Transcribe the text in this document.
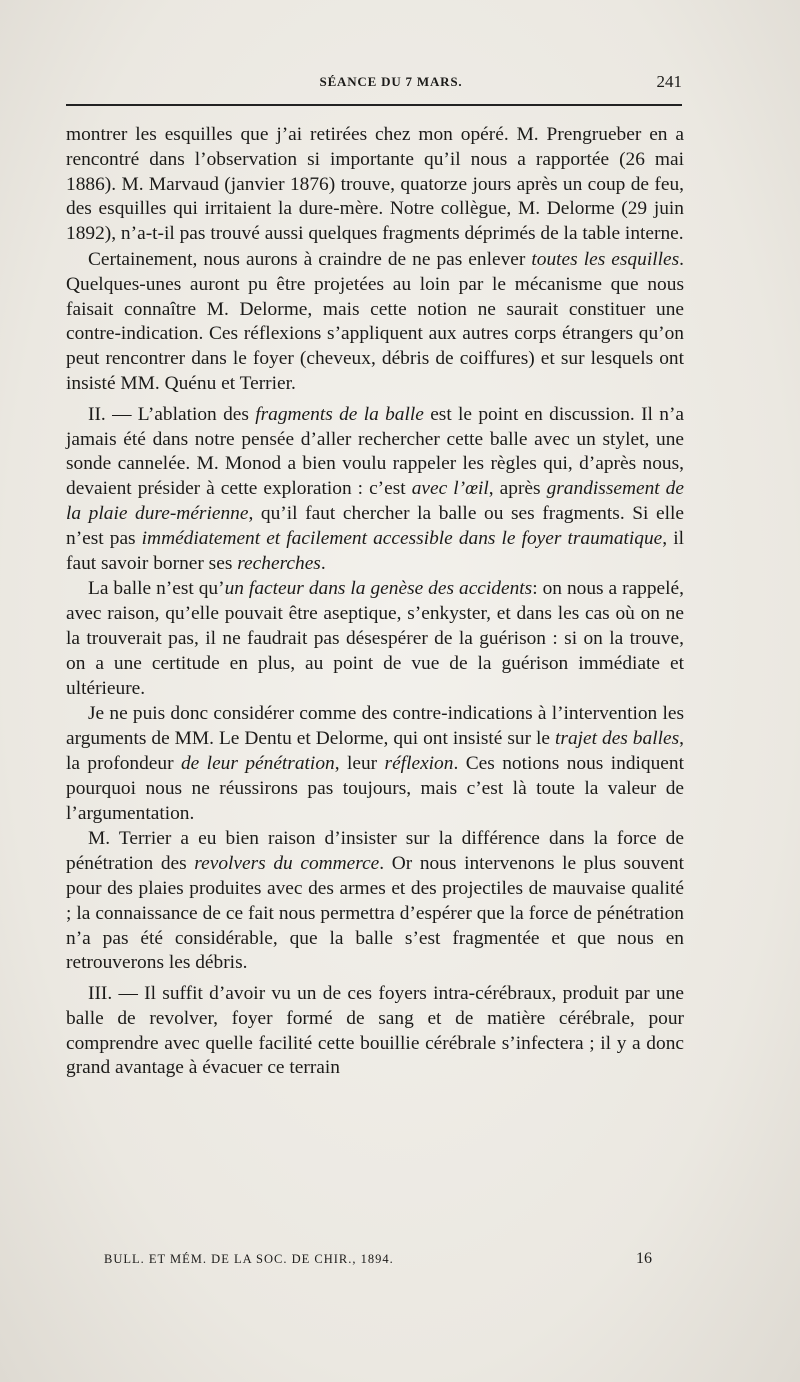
SÉANCE DU 7 MARS.	241

montrer les esquilles que j’ai retirées chez mon opéré. M. Prengrueber en a rencontré dans l’observation si importante qu’il nous a rapportée (26 mai 1886). M. Marvaud (janvier 1876) trouve, quatorze jours après un coup de feu, des esquilles qui irritaient la dure-mère. Notre collègue, M. Delorme (29 juin 1892), n’a-t-il pas trouvé aussi quelques fragments déprimés de la table interne.

Certainement, nous aurons à craindre de ne pas enlever toutes les esquilles. Quelques-unes auront pu être projetées au loin par le mécanisme que nous faisait connaître M. Delorme, mais cette notion ne saurait constituer une contre-indication. Ces réflexions s’appliquent aux autres corps étrangers qu’on peut rencontrer dans le foyer (cheveux, débris de coiffures) et sur lesquels ont insisté MM. Quénu et Terrier.

II. — L’ablation des fragments de la balle est le point en discussion. Il n’a jamais été dans notre pensée d’aller rechercher cette balle avec un stylet, une sonde cannelée. M. Monod a bien voulu rappeler les règles qui, d’après nous, devaient présider à cette exploration : c’est avec l’œil, après grandissement de la plaie dure-mérienne, qu’il faut chercher la balle ou ses fragments. Si elle n’est pas immédiatement et facilement accessible dans le foyer traumatique, il faut savoir borner ses recherches.

La balle n’est qu’un facteur dans la genèse des accidents: on nous a rappelé, avec raison, qu’elle pouvait être aseptique, s’enkyster, et dans les cas où on ne la trouverait pas, il ne faudrait pas désespérer de la guérison : si on la trouve, on a une certitude en plus, au point de vue de la guérison immédiate et ultérieure.

Je ne puis donc considérer comme des contre-indications à l’intervention les arguments de MM. Le Dentu et Delorme, qui ont insisté sur le trajet des balles, la profondeur de leur pénétration, leur réflexion. Ces notions nous indiquent pourquoi nous ne réussirons pas toujours, mais c’est là toute la valeur de l’argumentation.

M. Terrier a eu bien raison d’insister sur la différence dans la force de pénétration des revolvers du commerce. Or nous intervenons le plus souvent pour des plaies produites avec des armes et des projectiles de mauvaise qualité ; la connaissance de ce fait nous permettra d’espérer que la force de pénétration n’a pas été considérable, que la balle s’est fragmentée et que nous en retrouverons les débris.

III. — Il suffit d’avoir vu un de ces foyers intra-cérébraux, produit par une balle de revolver, foyer formé de sang et de matière cérébrale, pour comprendre avec quelle facilité cette bouillie cérébrale s’infectera ; il y a donc grand avantage à évacuer ce terrain

BULL. ET MÉM. DE LA SOC. DE CHIR., 1894.	16
